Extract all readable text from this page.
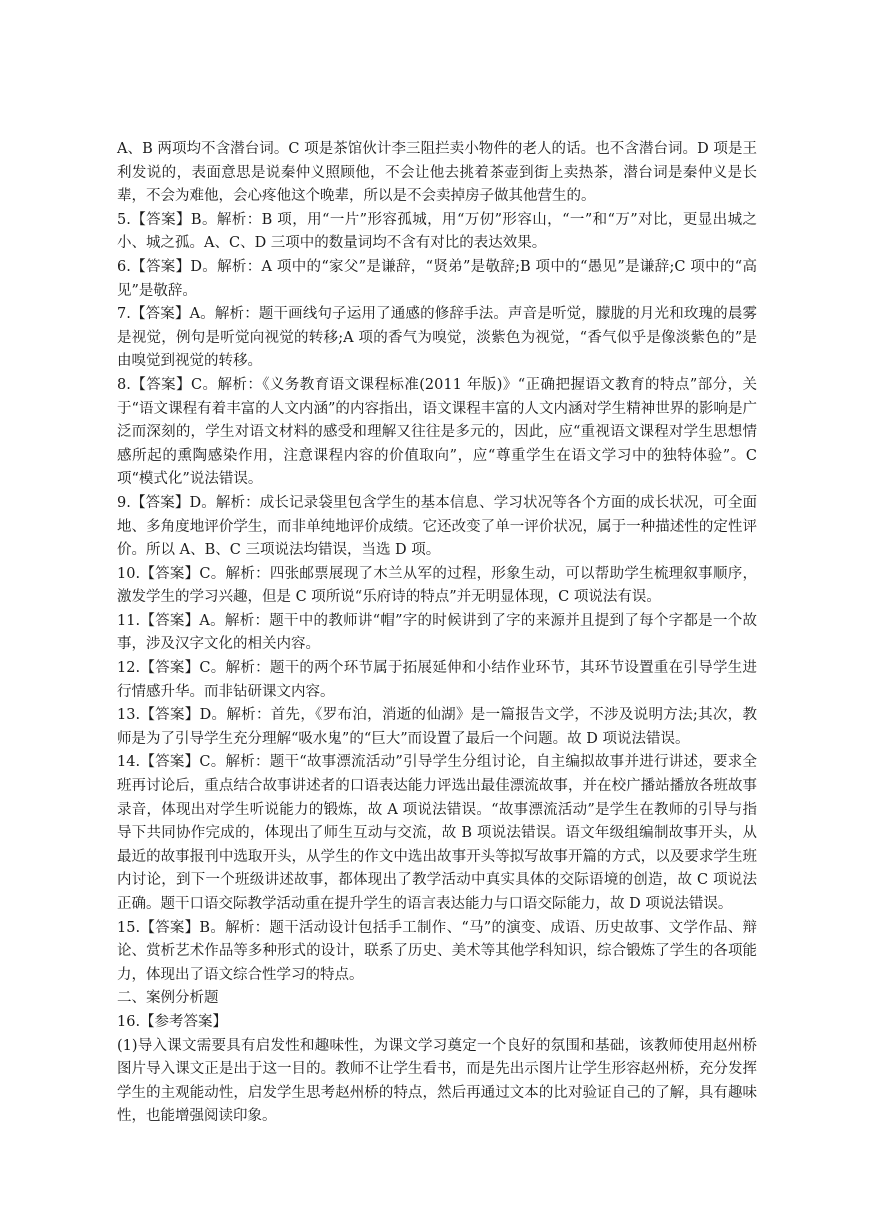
A、B 两项均不含潜台词。C 项是茶馆伙计李三阻拦卖小物件的老人的话。也不含潜台词。D 项是王利发说的，表面意思是说秦仲义照顾他，不会让他去挑着茶壶到街上卖热茶，潜台词是秦仲义是长辈，不会为难他，会心疼他这个晚辈，所以是不会卖掉房子做其他营生的。

5.【答案】B。解析：B 项，用“一片”形容孤城，用“万仞”形容山，“一”和“万”对比，更显出城之小、城之孤。A、C、D 三项中的数量词均不含有对比的表达效果。

6.【答案】D。解析：A 项中的“家父”是谦辞，“贤弟”是敬辞;B 项中的“愚见”是谦辞;C 项中的“高见”是敬辞。

7.【答案】A。解析：题干画线句子运用了通感的修辞手法。声音是听觉，朦胧的月光和玫瑰的晨雾是视觉，例句是听觉向视觉的转移;A 项的香气为嗅觉，淡紫色为视觉，“香气似乎是像淡紫色的”是由嗅觉到视觉的转移。

8.【答案】C。解析：《义务教育语文课程标准(2011 年版)》“正确把握语文教育的特点”部分，关于“语文课程有着丰富的人文内涵”的内容指出，语文课程丰富的人文内涵对学生精神世界的影响是广泛而深刻的，学生对语文材料的感受和理解又往往是多元的，因此，应“重视语文课程对学生思想情感所起的熏陶感染作用，注意课程内容的价值取向”，应“尊重学生在语文学习中的独特体验”。C 项“模式化”说法错误。

9.【答案】D。解析：成长记录袋里包含学生的基本信息、学习状况等各个方面的成长状况，可全面地、多角度地评价学生，而非单纯地评价成绩。它还改变了单一评价状况，属于一种描述性的定性评价。所以 A、B、C 三项说法均错误，当选 D 项。

10.【答案】C。解析：四张邮票展现了木兰从军的过程，形象生动，可以帮助学生梳理叙事顺序，激发学生的学习兴趣，但是 C 项所说“乐府诗的特点”并无明显体现，C 项说法有误。

11.【答案】A。解析：题干中的教师讲“帽”字的时候讲到了字的来源并且提到了每个字都是一个故事，涉及汉字文化的相关内容。

12.【答案】C。解析：题干的两个环节属于拓展延伸和小结作业环节，其环节设置重在引导学生进行情感升华。而非钻研课文内容。

13.【答案】D。解析：首先，《罗布泊，消逝的仙湖》是一篇报告文学，不涉及说明方法;其次，教师是为了引导学生充分理解“吸水鬼”的“巨大”而设置了最后一个问题。故 D 项说法错误。

14.【答案】C。解析：题干“故事漂流活动”引导学生分组讨论，自主编拟故事并进行讲述，要求全班再讨论后，重点结合故事讲述者的口语表达能力评选出最佳漂流故事，并在校广播站播放各班故事录音，体现出对学生听说能力的锻炼，故 A 项说法错误。“故事漂流活动”是学生在教师的引导与指导下共同协作完成的，体现出了师生互动与交流，故 B 项说法错误。语文年级组编制故事开头，从最近的故事报刊中选取开头，从学生的作文中选出故事开头等拟写故事开篇的方式，以及要求学生班内讨论，到下一个班级讲述故事，都体现出了教学活动中真实具体的交际语境的创造，故 C 项说法正确。题干口语交际教学活动重在提升学生的语言表达能力与口语交际能力，故 D 项说法错误。

15.【答案】B。解析：题干活动设计包括手工制作、“马”的演变、成语、历史故事、文学作品、辩论、赏析艺术作品等多种形式的设计，联系了历史、美术等其他学科知识，综合锻炼了学生的各项能力，体现出了语文综合性学习的特点。

二、案例分析题

16.【参考答案】

(1)导入课文需要具有启发性和趣味性，为课文学习奠定一个良好的氛围和基础，该教师使用赵州桥图片导入课文正是出于这一目的。教师不让学生看书，而是先出示图片让学生形容赵州桥，充分发挥学生的主观能动性，启发学生思考赵州桥的特点，然后再通过文本的比对验证自己的了解，具有趣味性，也能增强阅读印象。
